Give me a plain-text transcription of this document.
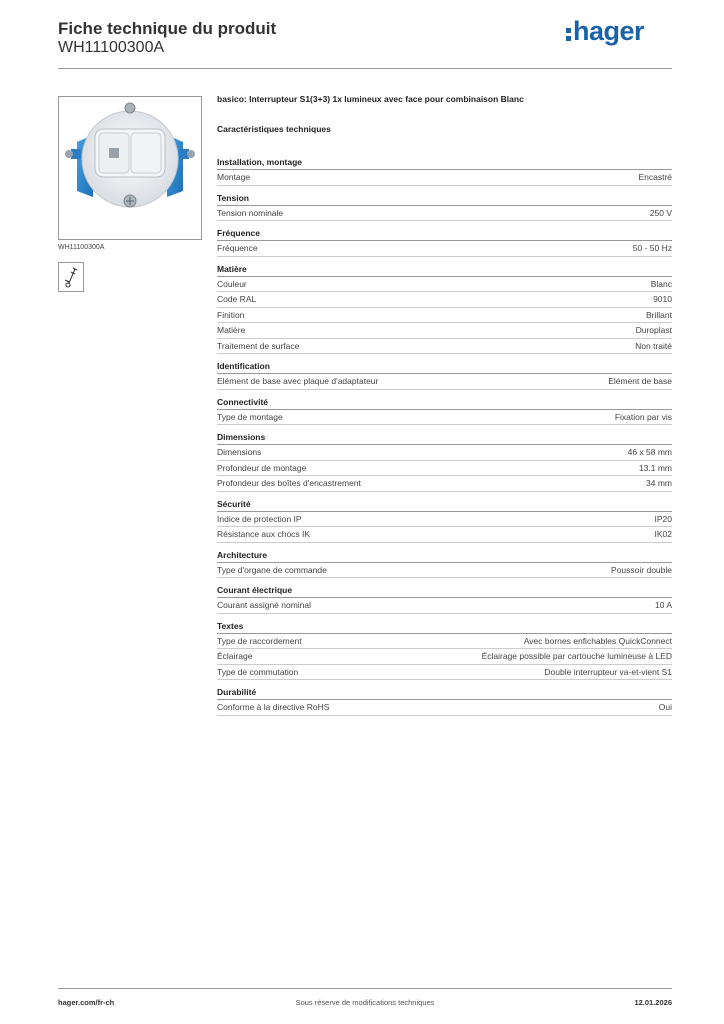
Fiche technique du produit
WH11100300A
hager
WH11100300A
basico: Interrupteur S1(3+3) 1x lumineux avec face pour combinaison Blanc
Caractéristiques techniques
Installation, montage
Montage	Encastré
Tension
Tension nominale	250 V
Fréquence
Fréquence	50 - 50 Hz
Matière
Couleur	Blanc
Code RAL	9010
Finition	Brillant
Matière	Duroplast
Traitement de surface	Non traité
Identification
Elément de base avec plaque d'adaptateur	Elément de base
Connectivité
Type de montage	Fixation par vis
Dimensions
Dimensions	46 x 58 mm
Profondeur de montage	13.1 mm
Profondeur des boîtes d'encastrement	34 mm
Sécurité
Indice de protection IP	IP20
Résistance aux chocs IK	IK02
Architecture
Type d'organe de commande	Poussoir double
Courant électrique
Courant assigné nominal	10 A
Textes
Type de raccordement	Avec bornes enfichables QuickConnect
Éclairage	Éclairage possible par cartouche lumineuse à LED
Type de commutation	Double interrupteur va-et-vient S1
Durabilité
Conforme à la directive RoHS	Oui
hager.com/fr-ch	Sous réserve de modifications techniques	12.01.2026
